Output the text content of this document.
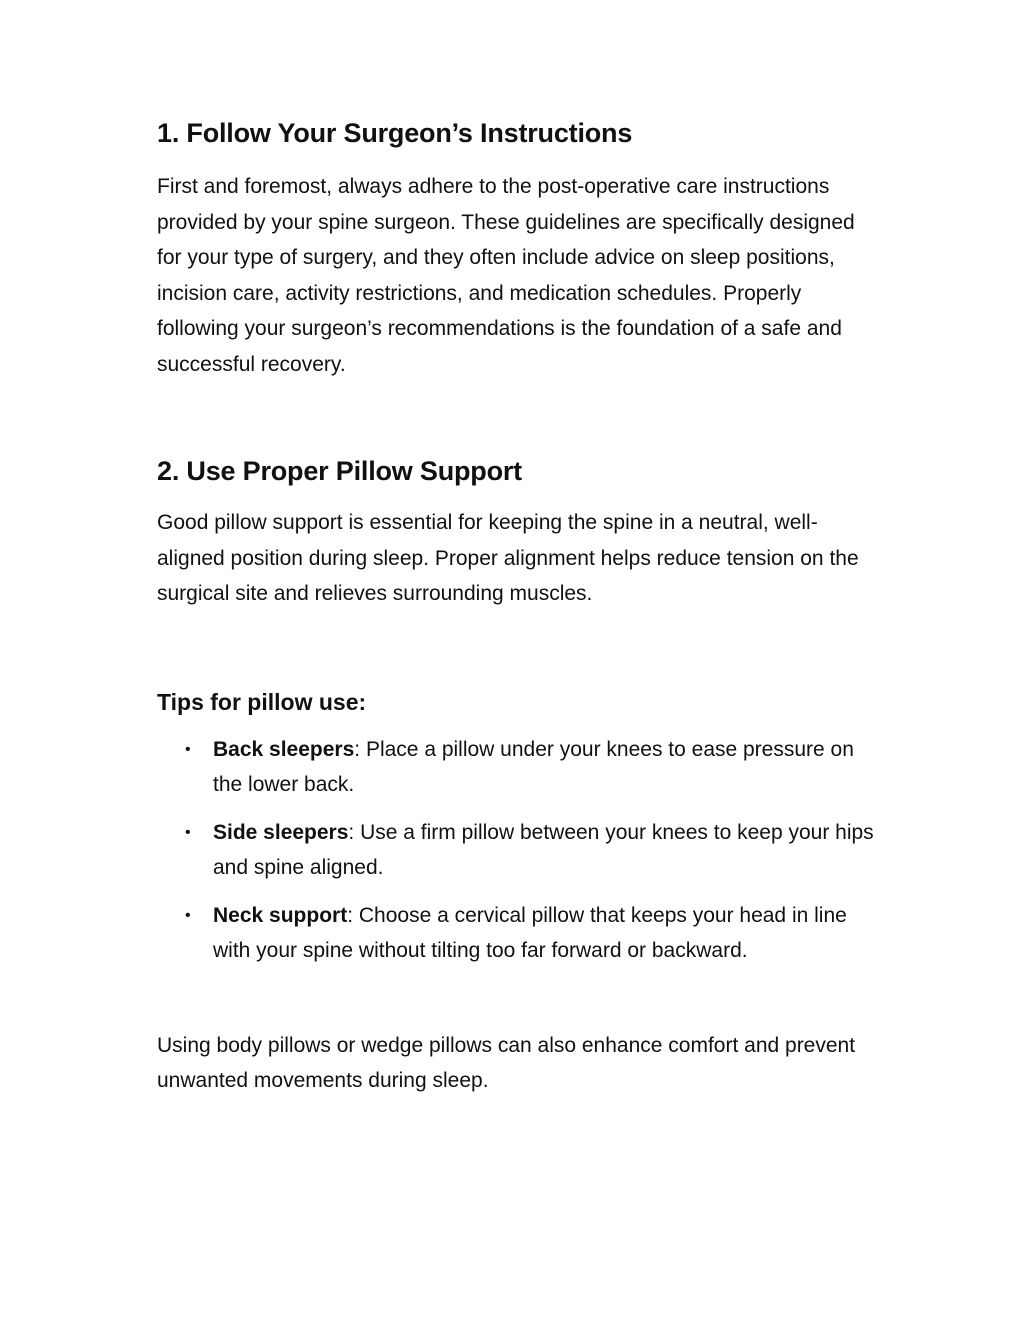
1. Follow Your Surgeon’s Instructions

First and foremost, always adhere to the post-operative care instructions provided by your spine surgeon. These guidelines are specifically designed for your type of surgery, and they often include advice on sleep positions, incision care, activity restrictions, and medication schedules. Properly following your surgeon’s recommendations is the foundation of a safe and successful recovery.

2. Use Proper Pillow Support

Good pillow support is essential for keeping the spine in a neutral, well-aligned position during sleep. Proper alignment helps reduce tension on the surgical site and relieves surrounding muscles.

Tips for pillow use:
• Back sleepers: Place a pillow under your knees to ease pressure on the lower back.
• Side sleepers: Use a firm pillow between your knees to keep your hips and spine aligned.
• Neck support: Choose a cervical pillow that keeps your head in line with your spine without tilting too far forward or backward.

Using body pillows or wedge pillows can also enhance comfort and prevent unwanted movements during sleep.
